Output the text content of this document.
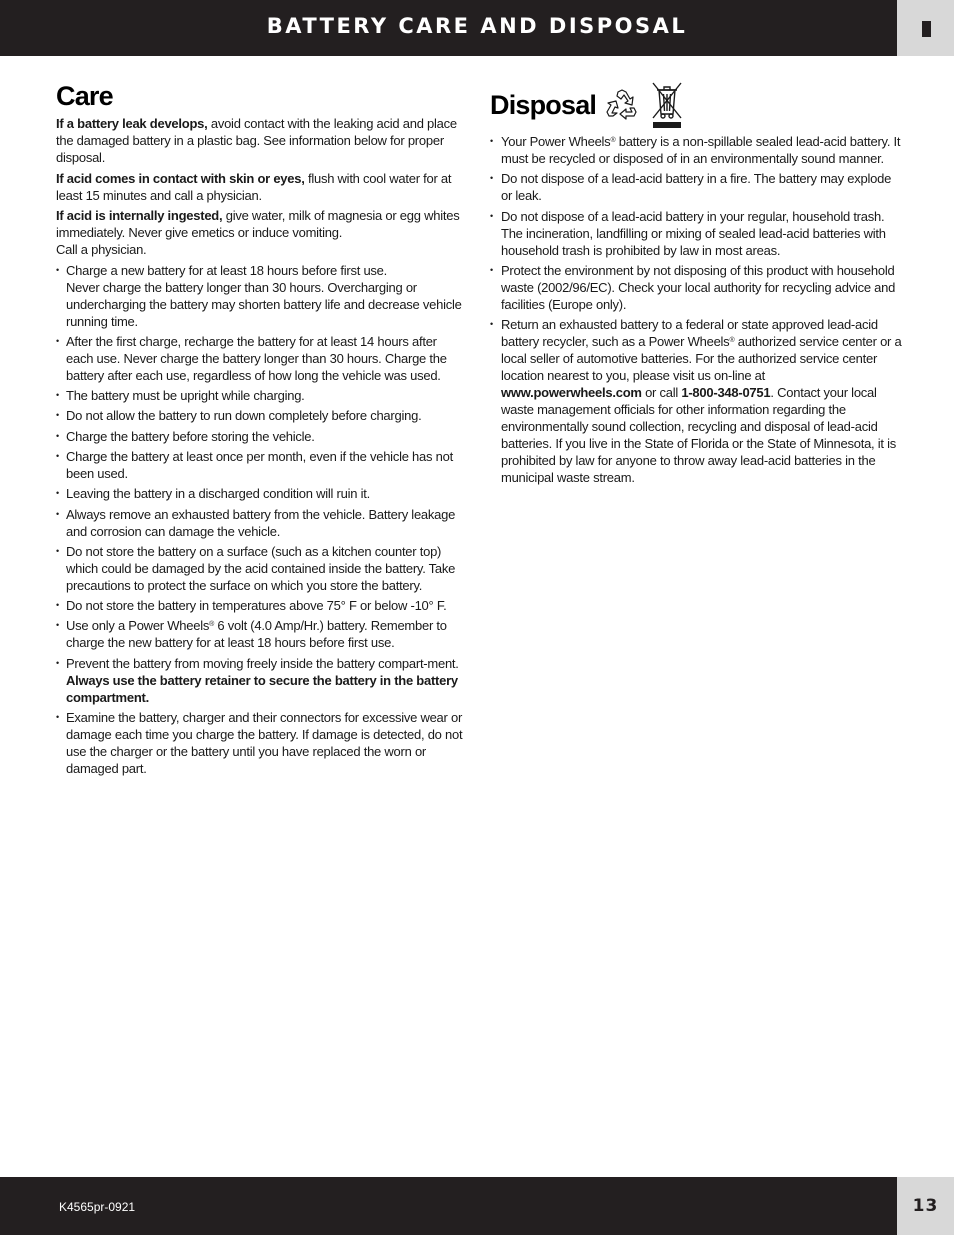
BATTERY CARE AND DISPOSAL
Care

If a battery leak develops, avoid contact with the leaking acid and place the damaged battery in a plastic bag. See information below for proper disposal.

If acid comes in contact with skin or eyes, flush with cool water for at least 15 minutes and call a physician.

If acid is internally ingested, give water, milk of magnesia or egg whites immediately. Never give emetics or induce vomiting.
Call a physician.

• Charge a new battery for at least 18 hours before first use.
Never charge the battery longer than 30 hours. Overcharging or undercharging the battery may shorten battery life and decrease vehicle running time.
• After the first charge, recharge the battery for at least 14 hours after each use. Never charge the battery longer than 30 hours. Charge the battery after each use, regardless of how long the vehicle was used.
• The battery must be upright while charging.
• Do not allow the battery to run down completely before charging.
• Charge the battery before storing the vehicle.
• Charge the battery at least once per month, even if the vehicle has not been used.
• Leaving the battery in a discharged condition will ruin it.
• Always remove an exhausted battery from the vehicle. Battery leakage and corrosion can damage the vehicle.
• Do not store the battery on a surface (such as a kitchen counter top) which could be damaged by the acid contained inside the battery. Take precautions to protect the surface on which you store the battery.
• Do not store the battery in temperatures above 75° F or below -10° F.
• Use only a Power Wheels® 6 volt (4.0 Amp/Hr.) battery. Remember to charge the new battery for at least 18 hours before first use.
• Prevent the battery from moving freely inside the battery compart-ment. Always use the battery retainer to secure the battery in the battery compartment.
• Examine the battery, charger and their connectors for excessive wear or damage each time you charge the battery. If damage is detected, do not use the charger or the battery until you have replaced the worn or damaged part.
Disposal
• Your Power Wheels® battery is a non-spillable sealed lead-acid battery. It must be recycled or disposed of in an environmentally sound manner.
• Do not dispose of a lead-acid battery in a fire. The battery may explode or leak.
• Do not dispose of a lead-acid battery in your regular, household trash. The incineration, landfilling or mixing of sealed lead-acid batteries with household trash is prohibited by law in most areas.
• Protect the environment by not disposing of this product with household waste (2002/96/EC). Check your local authority for recycling advice and facilities (Europe only).
• Return an exhausted battery to a federal or state approved lead-acid battery recycler, such as a Power Wheels® authorized service center or a local seller of automotive batteries. For the authorized service center location nearest to you, please visit us on-line at www.powerwheels.com or call 1-800-348-0751. Contact your local waste management officials for other information regarding the environmentally sound collection, recycling and disposal of lead-acid batteries. If you live in the State of Florida or the State of Minnesota, it is prohibited by law for anyone to throw away lead-acid batteries in the municipal waste stream.
K4565pr-0921	13
